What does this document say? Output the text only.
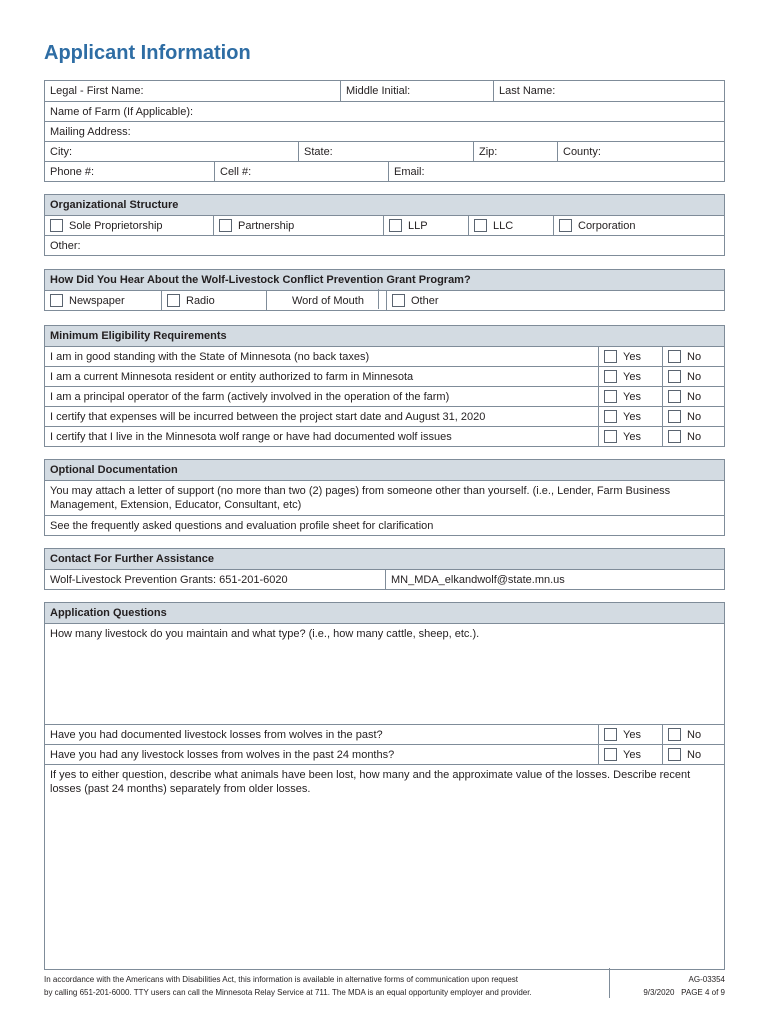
Applicant Information
Legal - First Name:	Middle Initial:	Last Name:
Name of Farm (If Applicable):
Mailing Address:
City:	State:	Zip:	County:
Phone #:	Cell #:	Email:
Organizational Structure
Sole Proprietorship	Partnership	LLP	LLC	Corporation
Other:
How Did You Hear About the Wolf-Livestock Conflict Prevention Grant Program?
Newspaper	Radio	Word of Mouth	Other
Minimum Eligibility Requirements
I am in good standing with the State of Minnesota (no back taxes)	Yes	No
I am a current Minnesota resident or entity authorized to farm in Minnesota	Yes	No
I am a principal operator of the farm (actively involved in the operation of the farm)	Yes	No
I certify that expenses will be incurred between the project start date and August 31, 2020	Yes	No
I certify that I live in the Minnesota wolf range or have had documented wolf issues	Yes	No
Optional Documentation
You may attach a letter of support (no more than two (2) pages) from someone other than yourself. (i.e., Lender, Farm Business Management, Extension, Educator, Consultant, etc)
See the frequently asked questions and evaluation profile sheet for clarification
Contact For Further Assistance
Wolf-Livestock Prevention Grants: 651-201-6020	MN_MDA_elkandwolf@state.mn.us
Application Questions
How many livestock do you maintain and what type? (i.e., how many cattle, sheep, etc.).
Have you had documented livestock losses from wolves in the past?	Yes	No
Have you had any livestock losses from wolves in the past 24 months?	Yes	No
If yes to either question, describe what animals have been lost, how many and the approximate value of the losses. Describe recent losses (past 24 months) separately from older losses.
In accordance with the Americans with Disabilities Act, this information is available in alternative forms of communication upon request
by calling 651-201-6000. TTY users can call the Minnesota Relay Service at 711. The MDA is an equal opportunity employer and provider.
AG-03354
9/3/2020   PAGE 4 of 9
